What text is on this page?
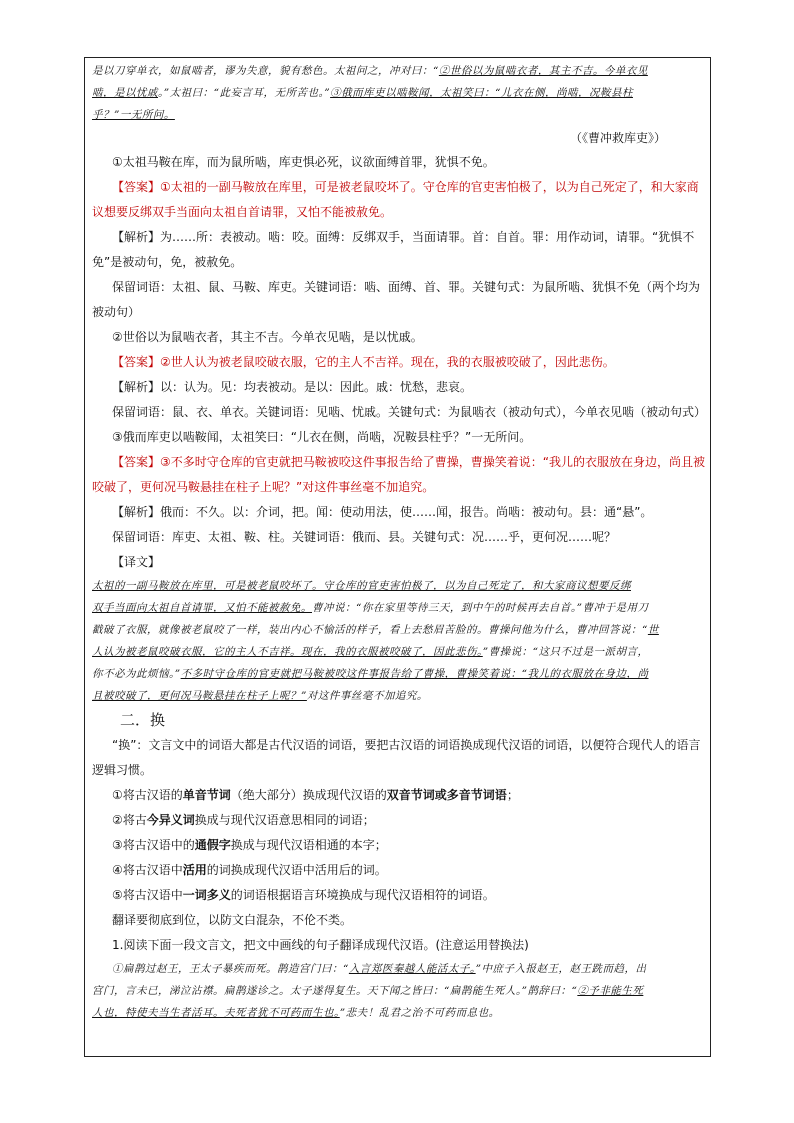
是以刀穿单衣，如鼠啮者，谬为失意，貌有愁色。太祖问之，冲对曰：“②世俗以为鼠啮衣者，其主不吉。今单衣见
啮，是以忧戚。”太祖曰：“此妄言耳，无所苦也。”③俄而库吏以啮鞍闻，太祖笑曰：“儿衣在侧，尚啮，况鞍县柱
乎？”一无所问。
（《曹冲救库吏》）

①太祖马鞍在库，而为鼠所啮，库吏惧必死，议欲面缚首罪，犹惧不免。

【答案】①太祖的一副马鞍放在库里，可是被老鼠咬坏了。守仓库的官吏害怕极了，以为自己死定了，和大家商议想要反绑双手当面向太祖自首请罪，又怕不能被赦免。

【解析】为……所：表被动。啮：咬。面缚：反绑双手，当面请罪。首：自首。罪：用作动词，请罪。“犹惧不免”是被动句，免，被赦免。

保留词语：太祖、鼠、马鞍、库吏。关键词语：啮、面缚、首、罪。关键句式：为鼠所啮、犹惧不免（两个均为被动句）

②世俗以为鼠啮衣者，其主不吉。今单衣见啮，是以忧戚。

【答案】②世人认为被老鼠咬破衣服，它的主人不吉祥。现在，我的衣服被咬破了，因此悲伤。

【解析】以：认为。见：均表被动。是以：因此。戚：忧愁，悲哀。

保留词语：鼠、衣、单衣。关键词语：见啮、忧戚。关键句式：为鼠啮衣（被动句式），今单衣见啮（被动句式）

③俄而库吏以啮鞍闻，太祖笑曰：“儿衣在侧，尚啮，况鞍县柱乎？”一无所问。

【答案】③不多时守仓库的官吏就把马鞍被咬这件事报告给了曹操，曹操笑着说：“我儿的衣服放在身边，尚且被咬破了，更何况马鞍悬挂在柱子上呢？”对这件事丝毫不加追究。

【解析】俄而：不久。以：介词，把。闻：使动用法，使……闻，报告。尚啮：被动句。县：通“悬”。

保留词语：库吏、太祖、鞍、柱。关键词语：俄而、县。关键句式：况……乎，更何况……呢？

【译文】

太祖的一副马鞍放在库里，可是被老鼠咬坏了。守仓库的官吏害怕极了，以为自己死定了，和大家商议想要反绑
双手当面向太祖自首请罪，又怕不能被赦免。曹冲说：“你在家里等待三天，到中午的时候再去自首。”曹冲于是用刀
戳破了衣服，就像被老鼠咬了一样，装出内心不愉活的样子，看上去愁眉苦脸的。曹操问他为什么，曹冲回答说：“世
人认为被老鼠咬破衣服，它的主人不吉祥。现在，我的衣服被咬破了，因此悲伤。”曹操说：“这只不过是一派胡言，
你不必为此烦恼。”不多时守仓库的官吏就把马鞍被咬这件事报告给了曹操，曹操笑着说：“我儿的衣服放在身边，尚
且被咬破了，更何况马鞍悬挂在柱子上呢？”对这件事丝毫不加追究。
二．换

“换”：文言文中的词语大都是古代汉语的词语，要把古汉语的词语换成现代汉语的词语，以便符合现代人的语言逻辑习惯。

①将古汉语的单音节词（绝大部分）换成现代汉语的双音节词或多音节词语；

②将古今异义词换成与现代汉语意思相同的词语；

③将古汉语中的通假字换成与现代汉语相通的本字；

④将古汉语中活用的词换成现代汉语中活用后的词。

⑤将古汉语中一词多义的词语根据语言环境换成与现代汉语相符的词语。

翻译要彻底到位，以防文白混杂，不伦不类。

1.阅读下面一段文言文，把文中画线的句子翻译成现代汉语。(注意运用替换法)

①扁鹊过赵王，王太子暴疾而死。鹊造宫门曰：“入言郑医秦越人能活太子。”中庶子入报赵王，赵王跣而趋，出
宫门，言未已，涕泣沾襟。扁鹊遂诊之。太子遂得复生。天下闻之皆曰：“扁鹊能生死人。”鹊辞曰：“②予非能生死
人也，特使夫当生者活耳。夫死者犹不可药而生也。”悲夫！乱君之治不可药而息也。
